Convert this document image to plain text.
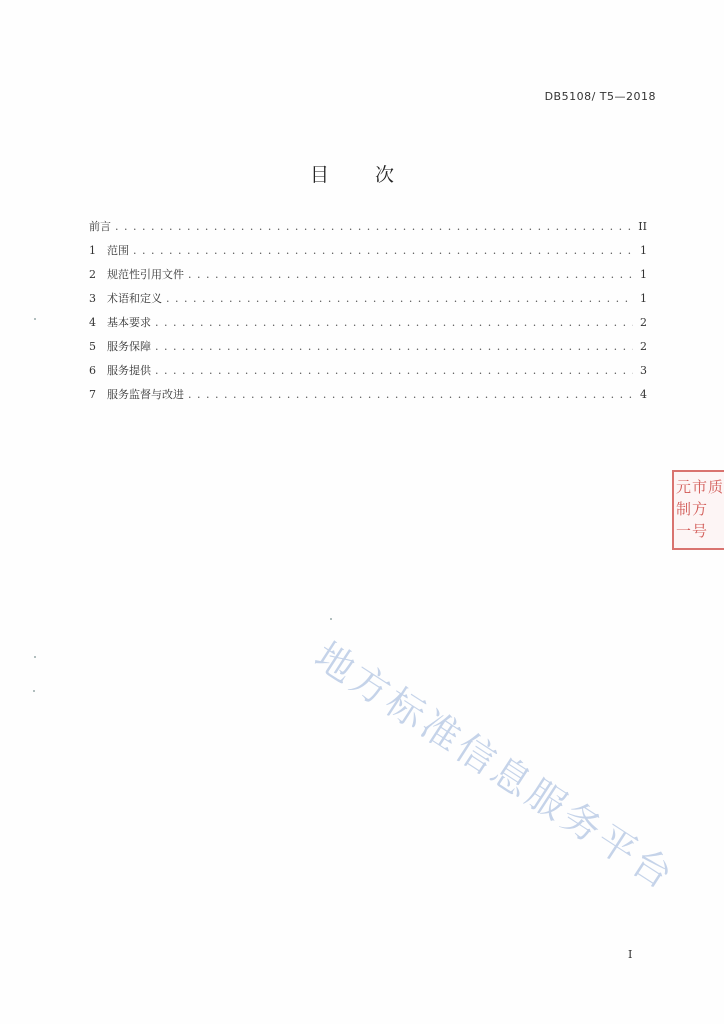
DB5108/ T5—2018
目 次
前言 . . .	II
1	范围 . . .	1
2	规范性引用文件 . . .	1
3	术语和定义 . . .	1
4	基本要求 . . .	2
5	服务保障 . . .	2
6	服务提供 . . .	3
7	服务监督与改进 . . .	4
元市质
制方
一号
地方标准信息服务平台
I
